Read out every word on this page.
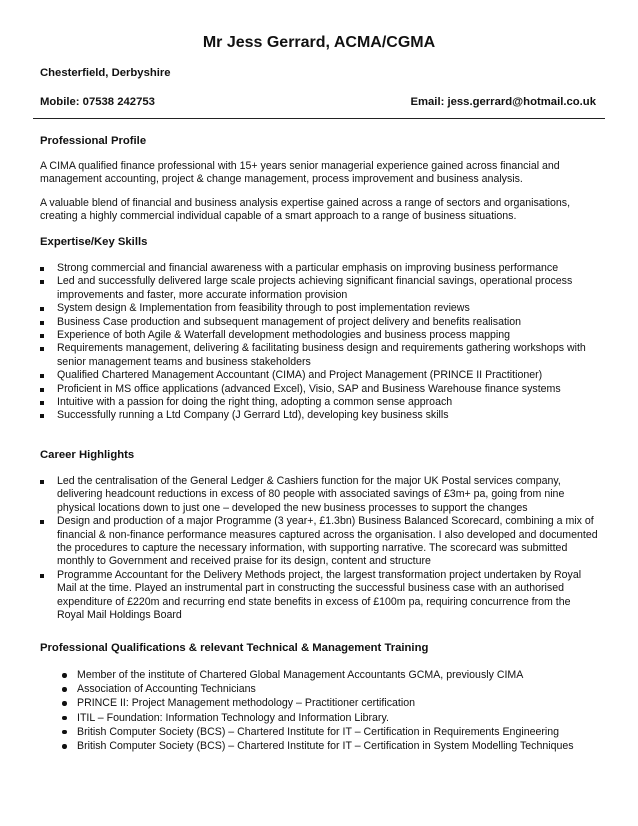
Mr Jess Gerrard, ACMA/CGMA
Chesterfield, Derbyshire
Mobile: 07538 242753	Email: jess.gerrard@hotmail.co.uk
Professional Profile

A CIMA qualified finance professional with 15+ years senior managerial experience gained across financial and management accounting, project & change management, process improvement and business analysis.

A valuable blend of financial and business analysis expertise gained across a range of sectors and organisations, creating a highly commercial individual capable of a smart approach to a range of business situations.

Expertise/Key Skills
Strong commercial and financial awareness with a particular emphasis on improving business performance
Led and successfully delivered large scale projects achieving significant financial savings, operational process improvements and faster, more accurate information provision
System design & Implementation from feasibility through to post implementation reviews
Business Case production and subsequent management of project delivery and benefits realisation
Experience of both Agile & Waterfall development methodologies and business process mapping
Requirements management, delivering & facilitating business design and requirements gathering workshops with senior management teams and business stakeholders
Qualified Chartered Management Accountant (CIMA) and Project Management (PRINCE II Practitioner)
Proficient in MS office applications (advanced Excel), Visio, SAP and Business Warehouse finance systems
Intuitive with a passion for doing the right thing, adopting a common sense approach
Successfully running a Ltd Company (J Gerrard Ltd), developing key business skills
Career Highlights
Led the centralisation of the General Ledger & Cashiers function for the major UK Postal services company, delivering headcount reductions in excess of 80 people with associated savings of £3m+ pa, going from nine physical locations down to just one – developed the new business processes to support the changes
Design and production of a major Programme (3 year+, £1.3bn) Business Balanced Scorecard, combining a mix of financial & non-finance performance measures captured across the organisation. I also developed and documented the procedures to capture the necessary information, with supporting narrative. The scorecard was submitted monthly to Government and received praise for its design, content and structure
Programme Accountant for the Delivery Methods project, the largest transformation project undertaken by Royal Mail at the time. Played an instrumental part in constructing the successful business case with an authorised expenditure of £220m and recurring end state benefits in excess of £100m pa, requiring concurrence from the Royal Mail Holdings Board
Professional Qualifications & relevant Technical & Management Training
Member of the institute of Chartered Global Management Accountants GCMA, previously CIMA
Association of Accounting Technicians
PRINCE II: Project Management methodology – Practitioner certification
ITIL – Foundation: Information Technology and Information Library.
British Computer Society (BCS) – Chartered Institute for IT – Certification in Requirements Engineering
British Computer Society (BCS) – Chartered Institute for IT – Certification in System Modelling Techniques
